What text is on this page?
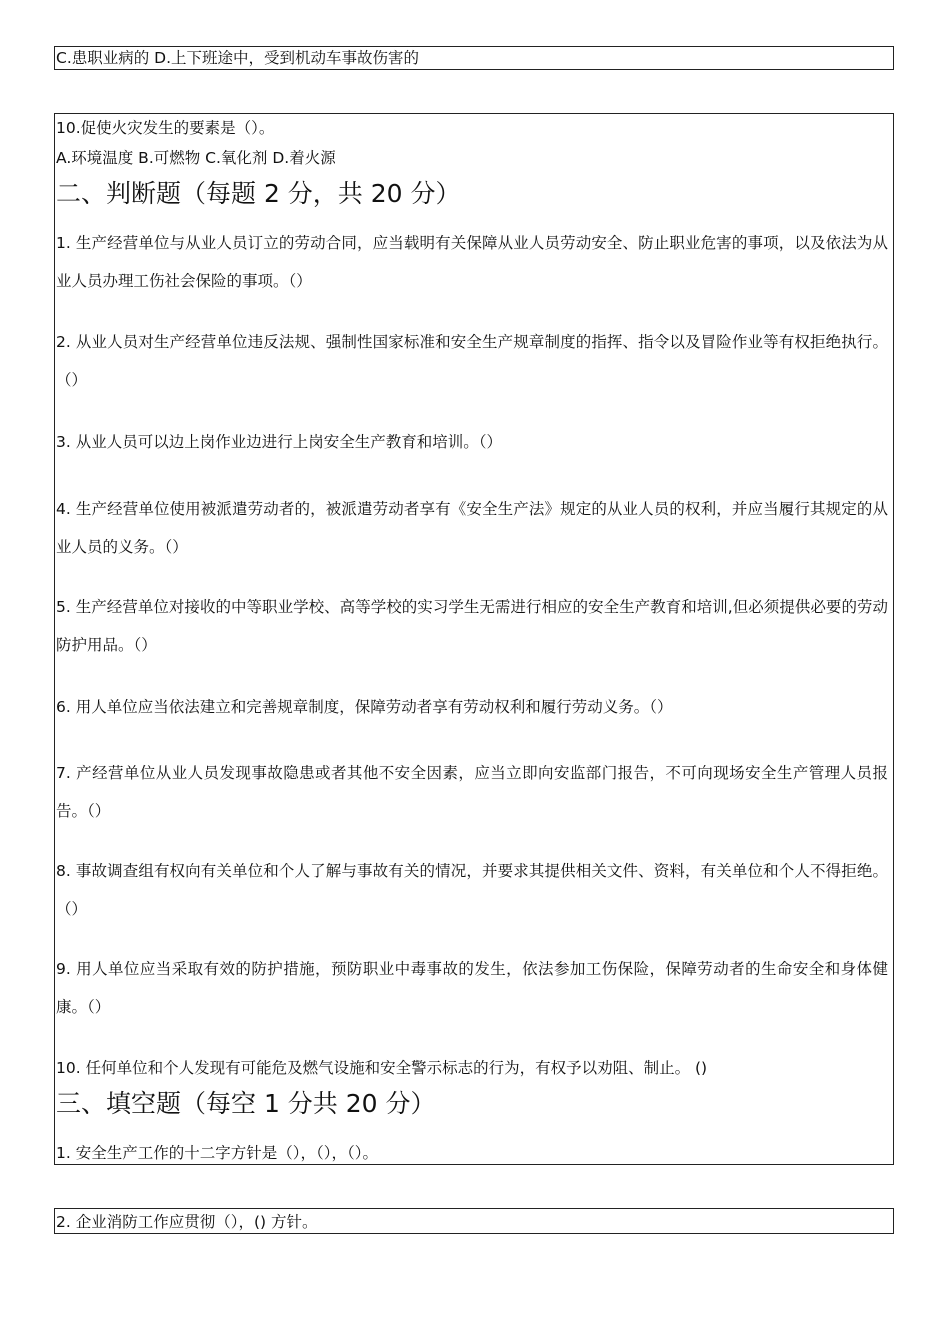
C.患职业病的 D.上下班途中，受到机动车事故伤害的
10.促使火灾发生的要素是（）。
A.环境温度 B.可燃物 C.氧化剂 D.着火源
二、判断题（每题 2 分，共 20 分）
1. 生产经营单位与从业人员订立的劳动合同，应当载明有关保障从业人员劳动安全、防止职业危害的事项，以及依法为从业人员办理工伤社会保险的事项。（）
2. 从业人员对生产经营单位违反法规、强制性国家标准和安全生产规章制度的指挥、指令以及冒险作业等有权拒绝执行。（）
3. 从业人员可以边上岗作业边进行上岗安全生产教育和培训。（）
4. 生产经营单位使用被派遣劳动者的，被派遣劳动者享有《安全生产法》规定的从业人员的权利，并应当履行其规定的从业人员的义务。（）
5. 生产经营单位对接收的中等职业学校、高等学校的实习学生无需进行相应的安全生产教育和培训,但必须提供必要的劳动防护用品。（）
6. 用人单位应当依法建立和完善规章制度，保障劳动者享有劳动权利和履行劳动义务。（）
7. 产经营单位从业人员发现事故隐患或者其他不安全因素，应当立即向安监部门报告，不可向现场安全生产管理人员报告。（）
8. 事故调查组有权向有关单位和个人了解与事故有关的情况，并要求其提供相关文件、资料，有关单位和个人不得拒绝。（）
9. 用人单位应当采取有效的防护措施，预防职业中毒事故的发生，依法参加工伤保险，保障劳动者的生命安全和身体健康。（）
10. 任何单位和个人发现有可能危及燃气设施和安全警示标志的行为，有权予以劝阻、制止。 ()
三、填空题（每空 1 分共 20 分）
1. 安全生产工作的十二字方针是（），（），（）。
2. 企业消防工作应贯彻（），() 方针。
